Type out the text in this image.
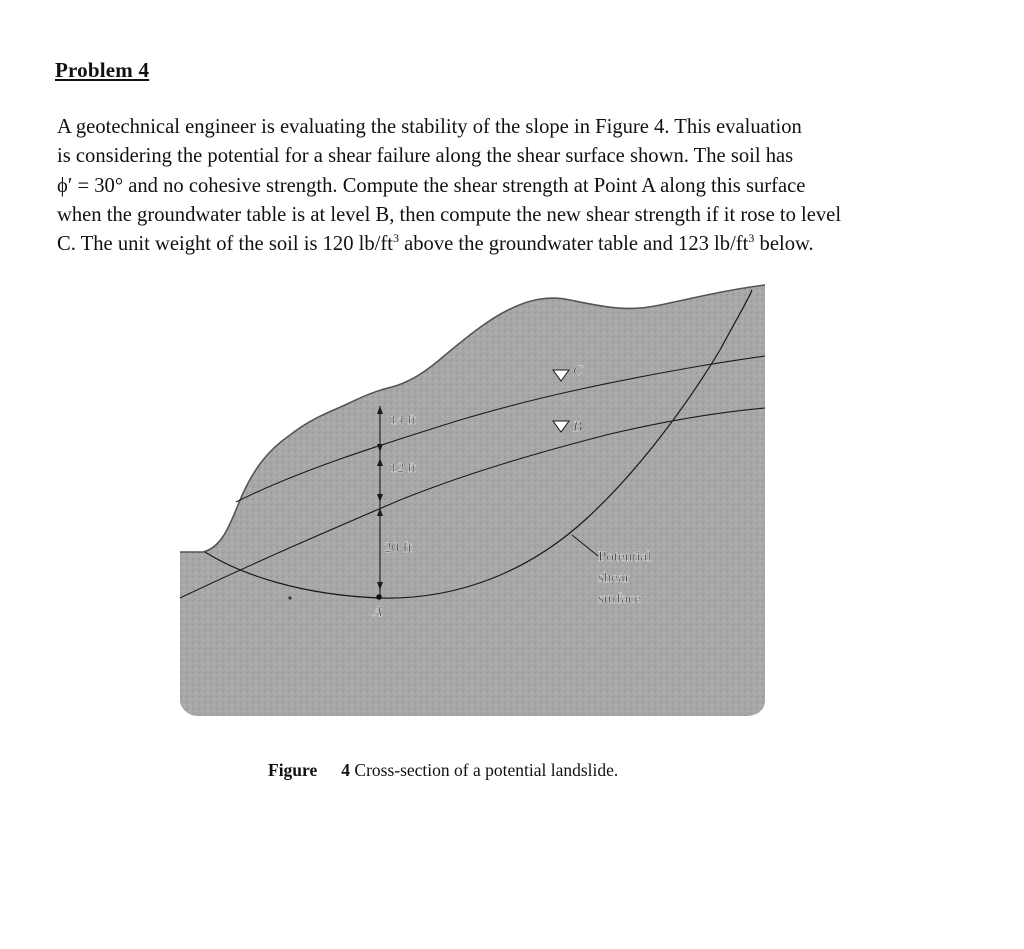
Problem 4
A geotechnical engineer is evaluating the stability of the slope in Figure 4. This evaluation
is considering the potential for a shear failure along the shear surface shown. The soil has
ϕ′ = 30° and no cohesive strength. Compute the shear strength at Point A along this surface
when the groundwater table is at level B, then compute the new shear strength if it rose to level
C. The unit weight of the soil is 120 $lb/ft^3$ above the groundwater table and 123 $lb/ft^3$ below.
14 ft
12 ft
20 ft
C
B
A
Potential
shear
surface
Figure 4 Cross-section of a potential landslide.
